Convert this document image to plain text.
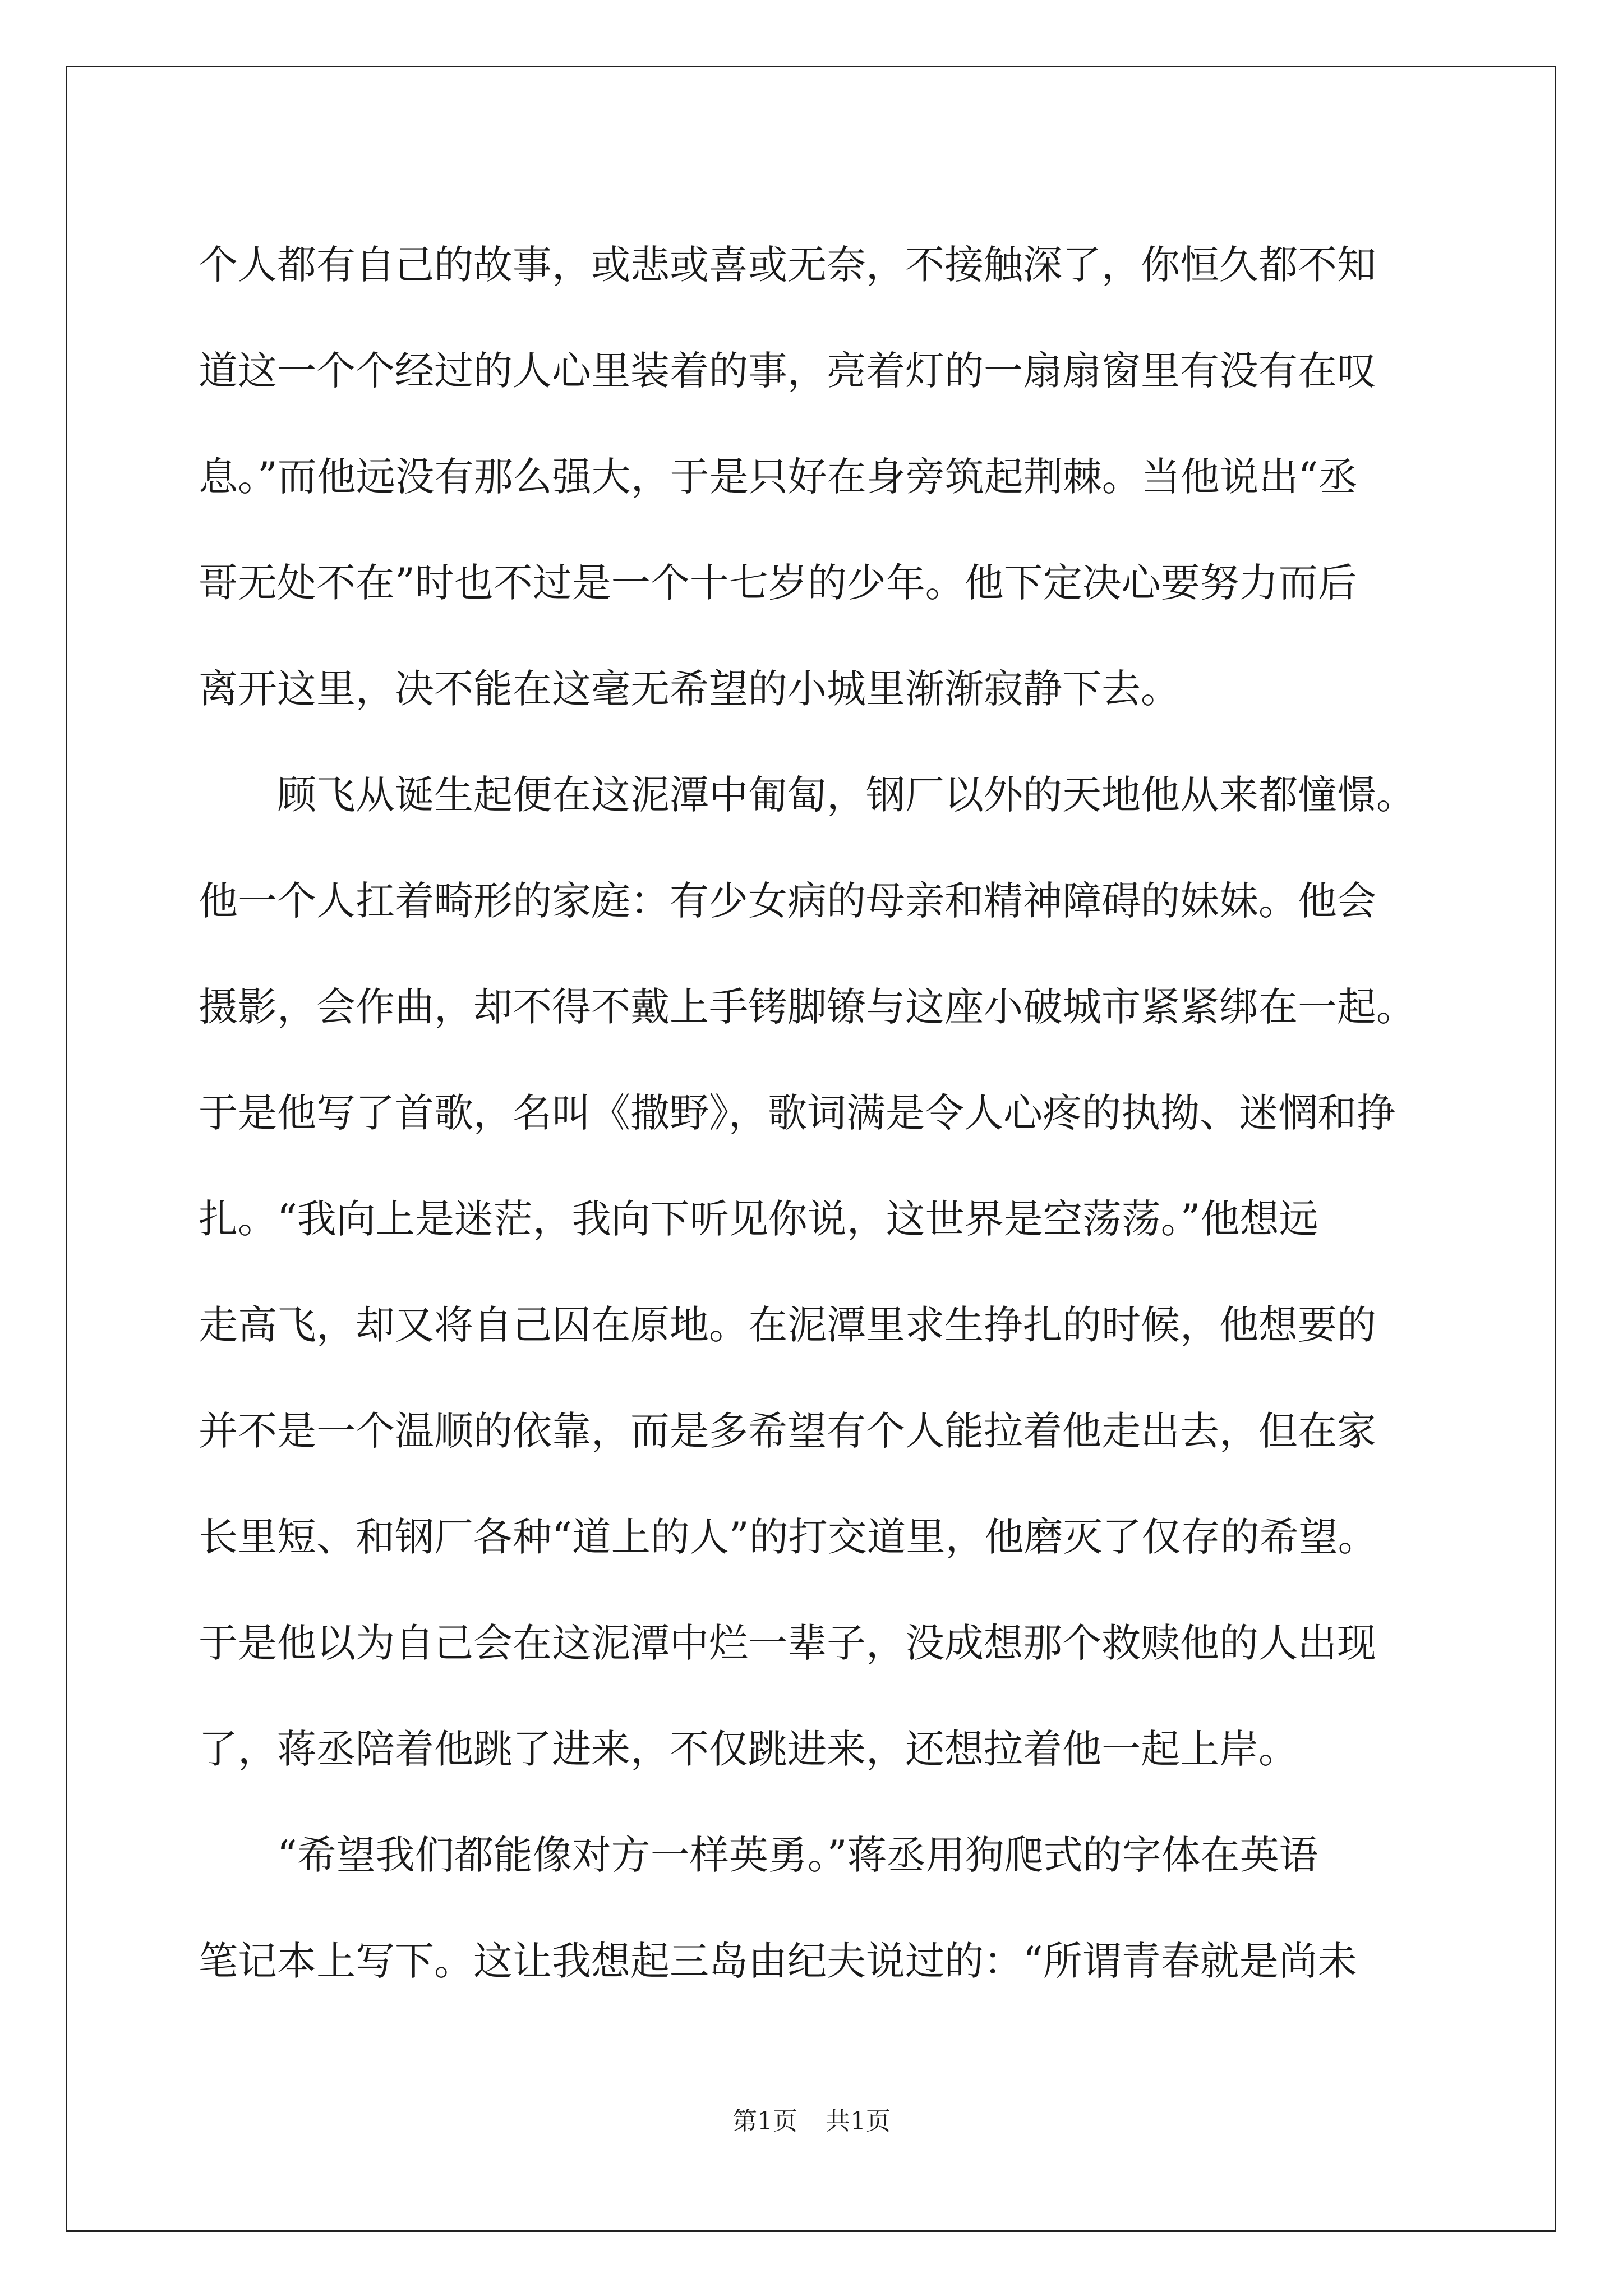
个人都有自己的故事，或悲或喜或无奈，不接触深了，你恒久都不知
道这一个个经过的人心里装着的事，亮着灯的一扇扇窗里有没有在叹
息。”而他远没有那么强大，于是只好在身旁筑起荆棘。当他说出“丞
哥无处不在”时也不过是一个十七岁的少年。他下定决心要努力而后
离开这里，决不能在这毫无希望的小城里渐渐寂静下去。
顾飞从诞生起便在这泥潭中匍匐，钢厂以外的天地他从来都憧憬。
他一个人扛着畸形的家庭：有少女病的母亲和精神障碍的妹妹。他会
摄影，会作曲，却不得不戴上手铐脚镣与这座小破城市紧紧绑在一起。
于是他写了首歌，名叫《撒野》，歌词满是令人心疼的执拗、迷惘和挣
扎。“我向上是迷茫，我向下听见你说，这世界是空荡荡。”他想远
走高飞，却又将自己囚在原地。在泥潭里求生挣扎的时候，他想要的
并不是一个温顺的依靠，而是多希望有个人能拉着他走出去，但在家
长里短、和钢厂各种“道上的人”的打交道里，他磨灭了仅存的希望。
于是他以为自己会在这泥潭中烂一辈子，没成想那个救赎他的人出现
了，蒋丞陪着他跳了进来，不仅跳进来，还想拉着他一起上岸。
“希望我们都能像对方一样英勇。”蒋丞用狗爬式的字体在英语
笔记本上写下。这让我想起三岛由纪夫说过的：“所谓青春就是尚未
第1页 共1页
